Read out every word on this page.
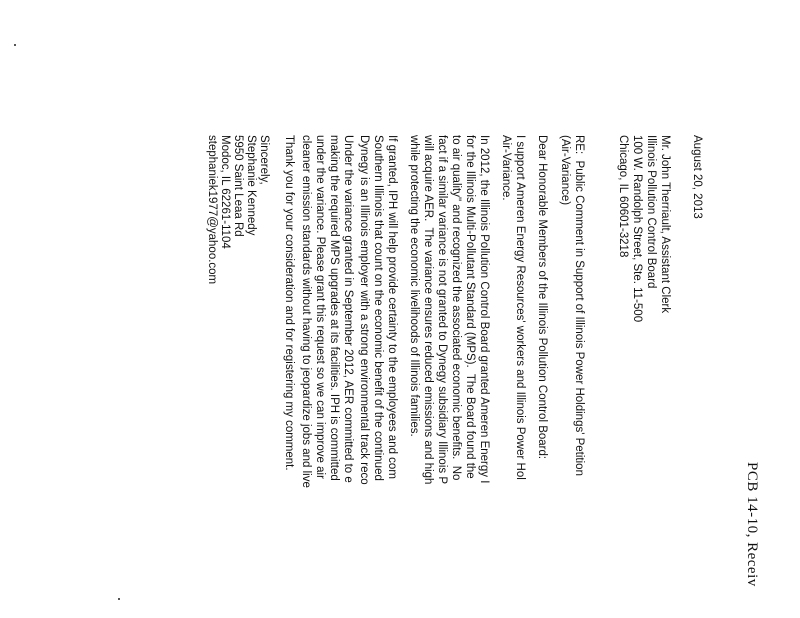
PCB 14-10, Receiv
August 20, 2013
Mr. John Therriault, Assistant Clerk
Illinois Pollution Control Board
100 W. Randolph Street, Ste. 11-500
Chicago, IL 60601-3218
RE:  Public Comment in Support of Illinois Power Holdings' Petition
(Air-Variance)
Dear Honorable Members of the Illinois Pollution Control Board:
I support Ameren Energy Resources' workers and Illinois Power Hol
Air-Variance.
In 2012, the Illinois Pollution Control Board granted Ameren Energy I
for the Illinois Multi-Pollutant Standard (MPS).  The Board found the
to air quality" and recognized the associated economic benefits.  No
fact if a similar variance is not granted to Dynegy subsidiary Illinois P
will acquire AER.  The variance ensures reduced emissions and high
while protecting the economic livelihoods of Illinois families.
If granted, IPH will help provide certainty to the employees and com
Southern Illinois that count on the economic benefit of the continued
Dynegy is an Illinois employer with a strong environmental track reco
Under the variance granted in September 2012, AER committed to e
making the required MPS upgrades at its facilities. IPH is committed
under the variance. Please grant this request so we can improve air
cleaner emission standards without having to jeopardize jobs and live
Thank you for your consideration and for registering my comment.
Sincerely,
Stephanie Kennedy
5950 Saint Leaa Rd
Modoc, IL 62261-1104
stephaniek1977@yahoo.com
